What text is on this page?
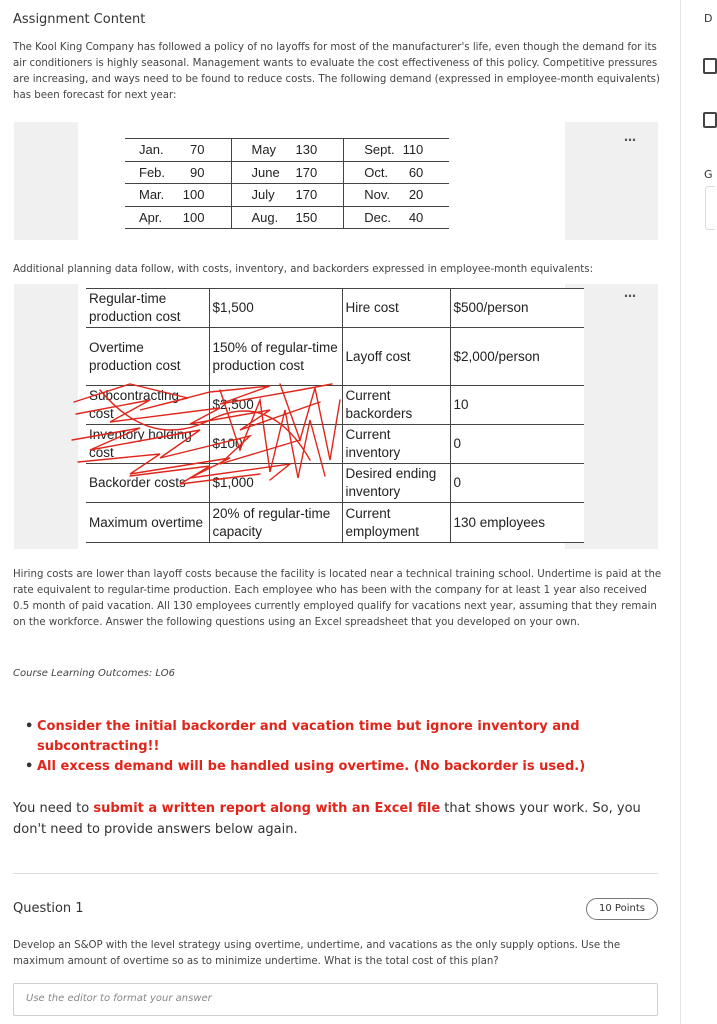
Assignment Content
The Kool King Company has followed a policy of no layoffs for most of the manufacturer's life, even though the demand for its air conditioners is highly seasonal. Management wants to evaluate the cost effectiveness of this policy. Competitive pressures are increasing, and ways need to be found to reduce costs. The following demand (expressed in employee-month equivalents) has been forecast for next year:
…
Jan.	70	May	130	Sept.	110
Feb.	90	June	170	Oct.	60
Mar.	100	July	170	Nov.	20
Apr.	100	Aug.	150	Dec.	40
Additional planning data follow, with costs, inventory, and backorders expressed in employee-month equivalents:
…
Regular-time production cost	$1,500	Hire cost	$500/person
Overtime production cost	150% of regular-time production cost	Layoff cost	$2,000/person
Subcontracting cost	$2,500	Current backorders	10
Inventory holding cost	$100	Current inventory	0
Backorder costs	$1,000	Desired ending inventory	0
Maximum overtime	20% of regular-time capacity	Current employment	130 employees
Hiring costs are lower than layoff costs because the facility is located near a technical training school. Undertime is paid at the rate equivalent to regular-time production. Each employee who has been with the company for at least 1 year also received 0.5 month of paid vacation. All 130 employees currently employed qualify for vacations next year, assuming that they remain on the workforce. Answer the following questions using an Excel spreadsheet that you developed on your own.
Course Learning Outcomes: LO6
• Consider the initial backorder and vacation time but ignore inventory and subcontracting!!
• All excess demand will be handled using overtime. (No backorder is used.)
You need to submit a written report along with an Excel file that shows your work. So, you don't need to provide answers below again.
Question 1	10 Points
Develop an S&OP with the level strategy using overtime, undertime, and vacations as the only supply options. Use the maximum amount of overtime so as to minimize undertime. What is the total cost of this plan?
Use the editor to format your answer
D
G
